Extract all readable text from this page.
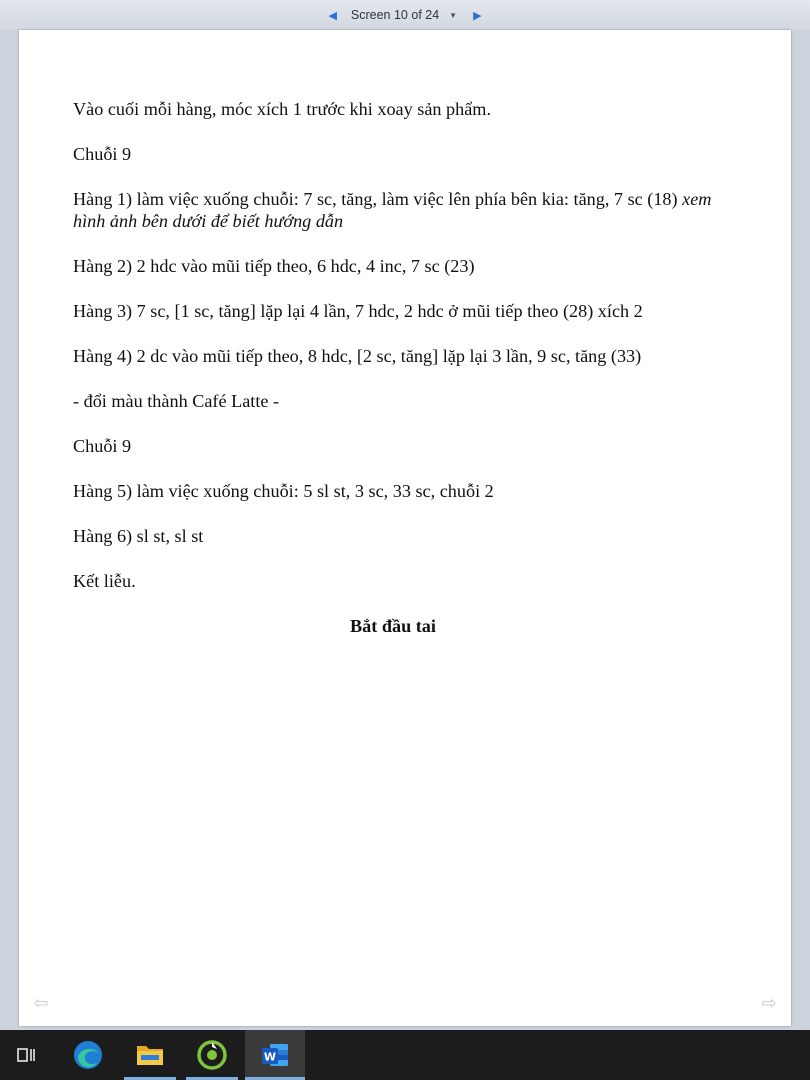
◀	Screen 10 of 24 ▼	▶

Vào cuối mỗi hàng, móc xích 1 trước khi xoay sản phẩm.

Chuỗi 9

Hàng 1) làm việc xuống chuỗi: 7 sc, tăng, làm việc lên phía bên kia: tăng, 7 sc (18) xem hình ảnh bên dưới để biết hướng dẫn

Hàng 2) 2 hdc vào mũi tiếp theo, 6 hdc, 4 inc, 7 sc (23)

Hàng 3) 7 sc, [1 sc, tăng] lặp lại 4 lần, 7 hdc, 2 hdc ở mũi tiếp theo (28) xích 2

Hàng 4) 2 dc vào mũi tiếp theo, 8 hdc, [2 sc, tăng] lặp lại 3 lần, 9 sc, tăng (33)

- đổi màu thành Café Latte -

Chuỗi 9

Hàng 5) làm việc xuống chuỗi: 5 sl st, 3 sc, 33 sc, chuỗi 2

Hàng 6) sl st, sl st

Kết liễu.

Bắt đầu tai

⇦	⇨
W
